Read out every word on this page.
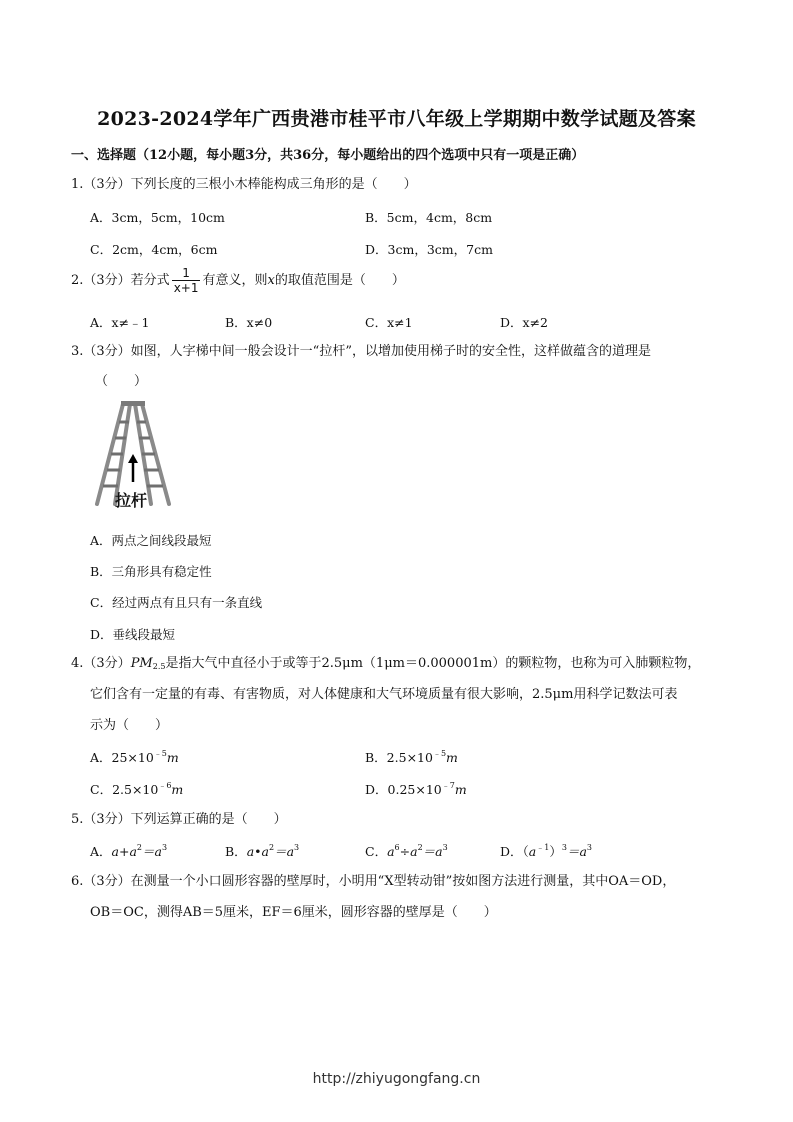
2023-2024学年广西贵港市桂平市八年级上学期期中数学试题及答案
一、选择题（12小题，每小题3分，共36分，每小题给出的四个选项中只有一项是正确）
1.（3分）下列长度的三根小木棒能构成三角形的是（　　）
A．3cm，5cm，10cm	B．5cm，4cm，8cm
C．2cm，4cm，6cm	D．3cm，3cm，7cm
2.（3分）若分式 $\frac{1}{x+1}$ 有意义，则x的取值范围是（　　）
A．x≠﹣1	B．x≠0	C．x≠1	D．x≠2
3.（3分）如图，人字梯中间一般会设计一“拉杆”，以增加使用梯子时的安全性，这样做蕴含的道理是
（　　）
拉杆
A．两点之间线段最短
B．三角形具有稳定性
C．经过两点有且只有一条直线
D．垂线段最短
4.（3分）$PM_{2.5}$是指大气中直径小于或等于2.5μm（1μm＝0.000001m）的颗粒物，也称为可入肺颗粒物，
它们含有一定量的有毒、有害物质，对人体健康和大气环境质量有很大影响，2.5μm用科学记数法可表
示为（　　）
A．$25\times 10^{﹣5}m$	B．$2.5\times 10^{﹣5}m$
C．$2.5\times 10^{﹣6}m$	D．$0.25\times 10^{﹣7}m$
5.（3分）下列运算正确的是（　　）
A．$a+a^2=a^3$	B．$a•a^2=a^3$	C．$a^6\div a^2=a^3$	D．$(a^{﹣1})^3=a^3$
6.（3分）在测量一个小口圆形容器的壁厚时，小明用“X型转动钳”按如图方法进行测量，其中OA＝OD，
OB＝OC，测得AB＝5厘米，EF＝6厘米，圆形容器的壁厚是（　　）
http://zhiyugongfang.cn
